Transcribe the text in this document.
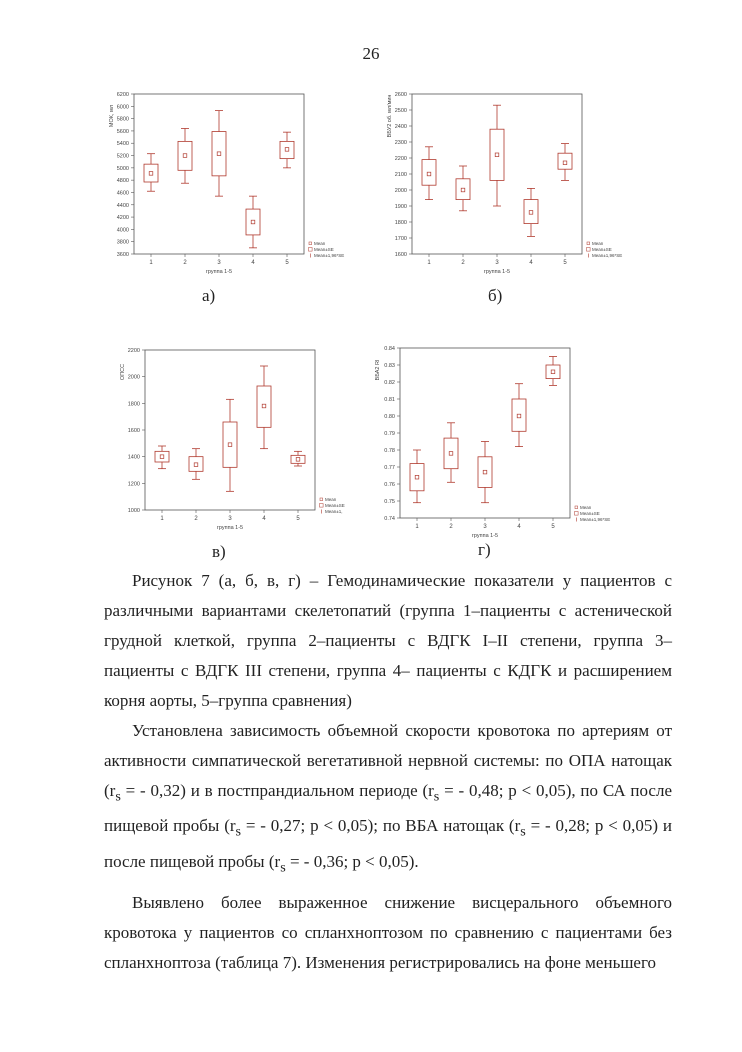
26
3600
3800
4000
4200
4400
4600
4800
5000
5200
5400
5600
5800
6000
6200
МОК, мл
1	2	3	4	5
группа 1-5
Mean
Mean±SE
Mean±1,96*SE
а)
1600
1700
1800
1900
2000
2100
2200
2300
2400
2500
2600
ВБУ2 об. мл/мин
1	2	3	4	5
группа 1-5
Mean
Mean±SE
Mean±1,96*SE
б)
1000
1200
1400
1600
1800
2000
2200
ОПСС
1	2	3	4	5
группа 1-5
Mean
Mean±SE
Mean±1,
в)
0.74
0.75
0.76
0.77
0.78
0.79
0.80
0.81
0.82
0.83
0.84
ВБА2 RI
1	2	3	4	5
группа 1-5
Mean
Mean±SE
Mean±1,96*SE
г)

Рисунок 7 (а, б, в, г) – Гемодинамические показатели у пациентов с различными вариантами скелетопатий (группа 1–пациенты с астенической грудной клеткой, группа 2–пациенты с ВДГК I–II степени, группа 3–пациенты с ВДГК III степени, группа 4– пациенты с КДГК и расширением корня аорты, 5–группа сравнения)

Установлена зависимость объемной скорости кровотока по артериям от активности симпатической вегетативной нервной системы: по ОПА натощак ($r_s$ = - 0,32) и в постпрандиальном периоде ($r_s$ = - 0,48; p < 0,05), по СА после пищевой пробы ($r_s$ = - 0,27; p < 0,05); по ВБА натощак ($r_s$ = - 0,28; p < 0,05) и после пищевой пробы ($r_s$ = - 0,36; p < 0,05).

Выявлено более выраженное снижение висцерального объемного кровотока у пациентов со спланхноптозом по сравнению с пациентами без спланхноптоза (таблица 7). Изменения регистрировались на фоне меньшего
